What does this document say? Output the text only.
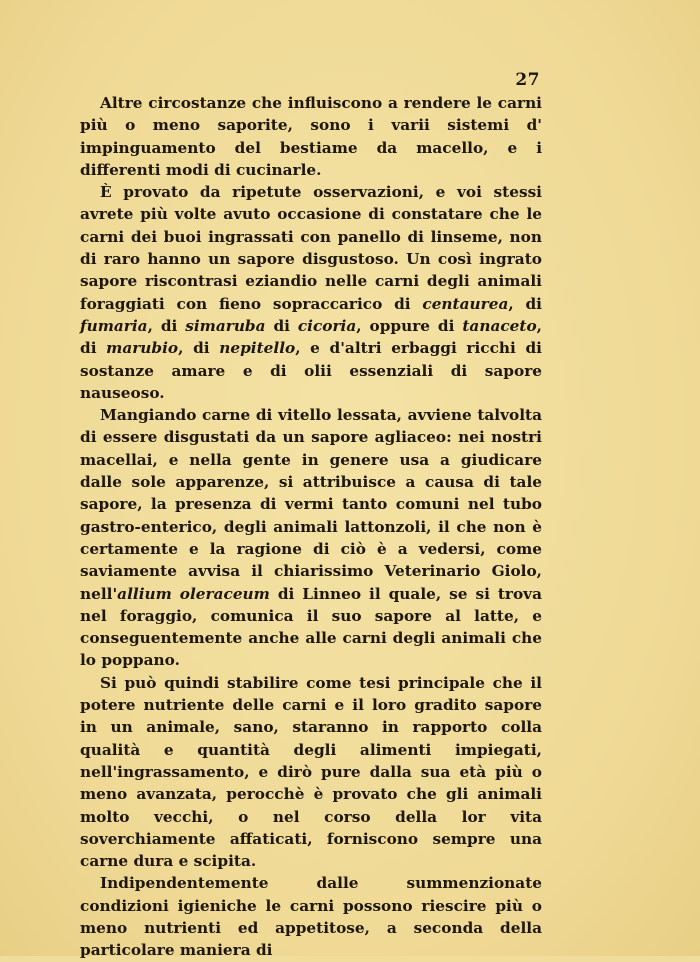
27

Altre circostanze che influiscono a rendere le carni più o meno saporite, sono i varii sistemi d' impinguamento del bestiame da macello, e i differenti modi di cucinarle.

È provato da ripetute osservazioni, e voi stessi avrete più volte avuto occasione di constatare che le carni dei buoi ingrassati con panello di linseme, non di raro hanno un sapore disgustoso. Un così ingrato sapore riscontrasi eziandio nelle carni degli animali foraggiati con fieno sopraccarico di centaurea, di fumaria, di simaruba di cicoria, oppure di tanaceto, di marubio, di nepitello, e d'altri erbaggi ricchi di sostanze amare e di olii essenziali di sapore nauseoso.

Mangiando carne di vitello lessata, avviene talvolta di essere disgustati da un sapore agliaceo: nei nostri macellai, e nella gente in genere usa a giudicare dalle sole apparenze, si attribuisce a causa di tale sapore, la presenza di vermi tanto comuni nel tubo gastro-enterico, degli animali lattonzoli, il che non è certamente e la ragione di ciò è a vedersi, come saviamente avvisa il chiarissimo Veterinario Giolo, nell'allium oleraceum di Linneo il quale, se si trova nel foraggio, comunica il suo sapore al latte, e conseguentemente anche alle carni degli animali che lo poppano.

Si può quindi stabilire come tesi principale che il potere nutriente delle carni e il loro gradito sapore in un animale, sano, staranno in rapporto colla qualità e quantità degli alimenti impiegati, nell'ingrassamento, e dirò pure dalla sua età più o meno avanzata, perocchè è provato che gli animali molto vecchi, o nel corso della lor vita soverchiamente affaticati, forniscono sempre una carne dura e scipita.

Indipendentemente dalle summenzionate condizioni igieniche le carni possono riescire più o meno nutrienti ed appetitose, a seconda della particolare maniera di
